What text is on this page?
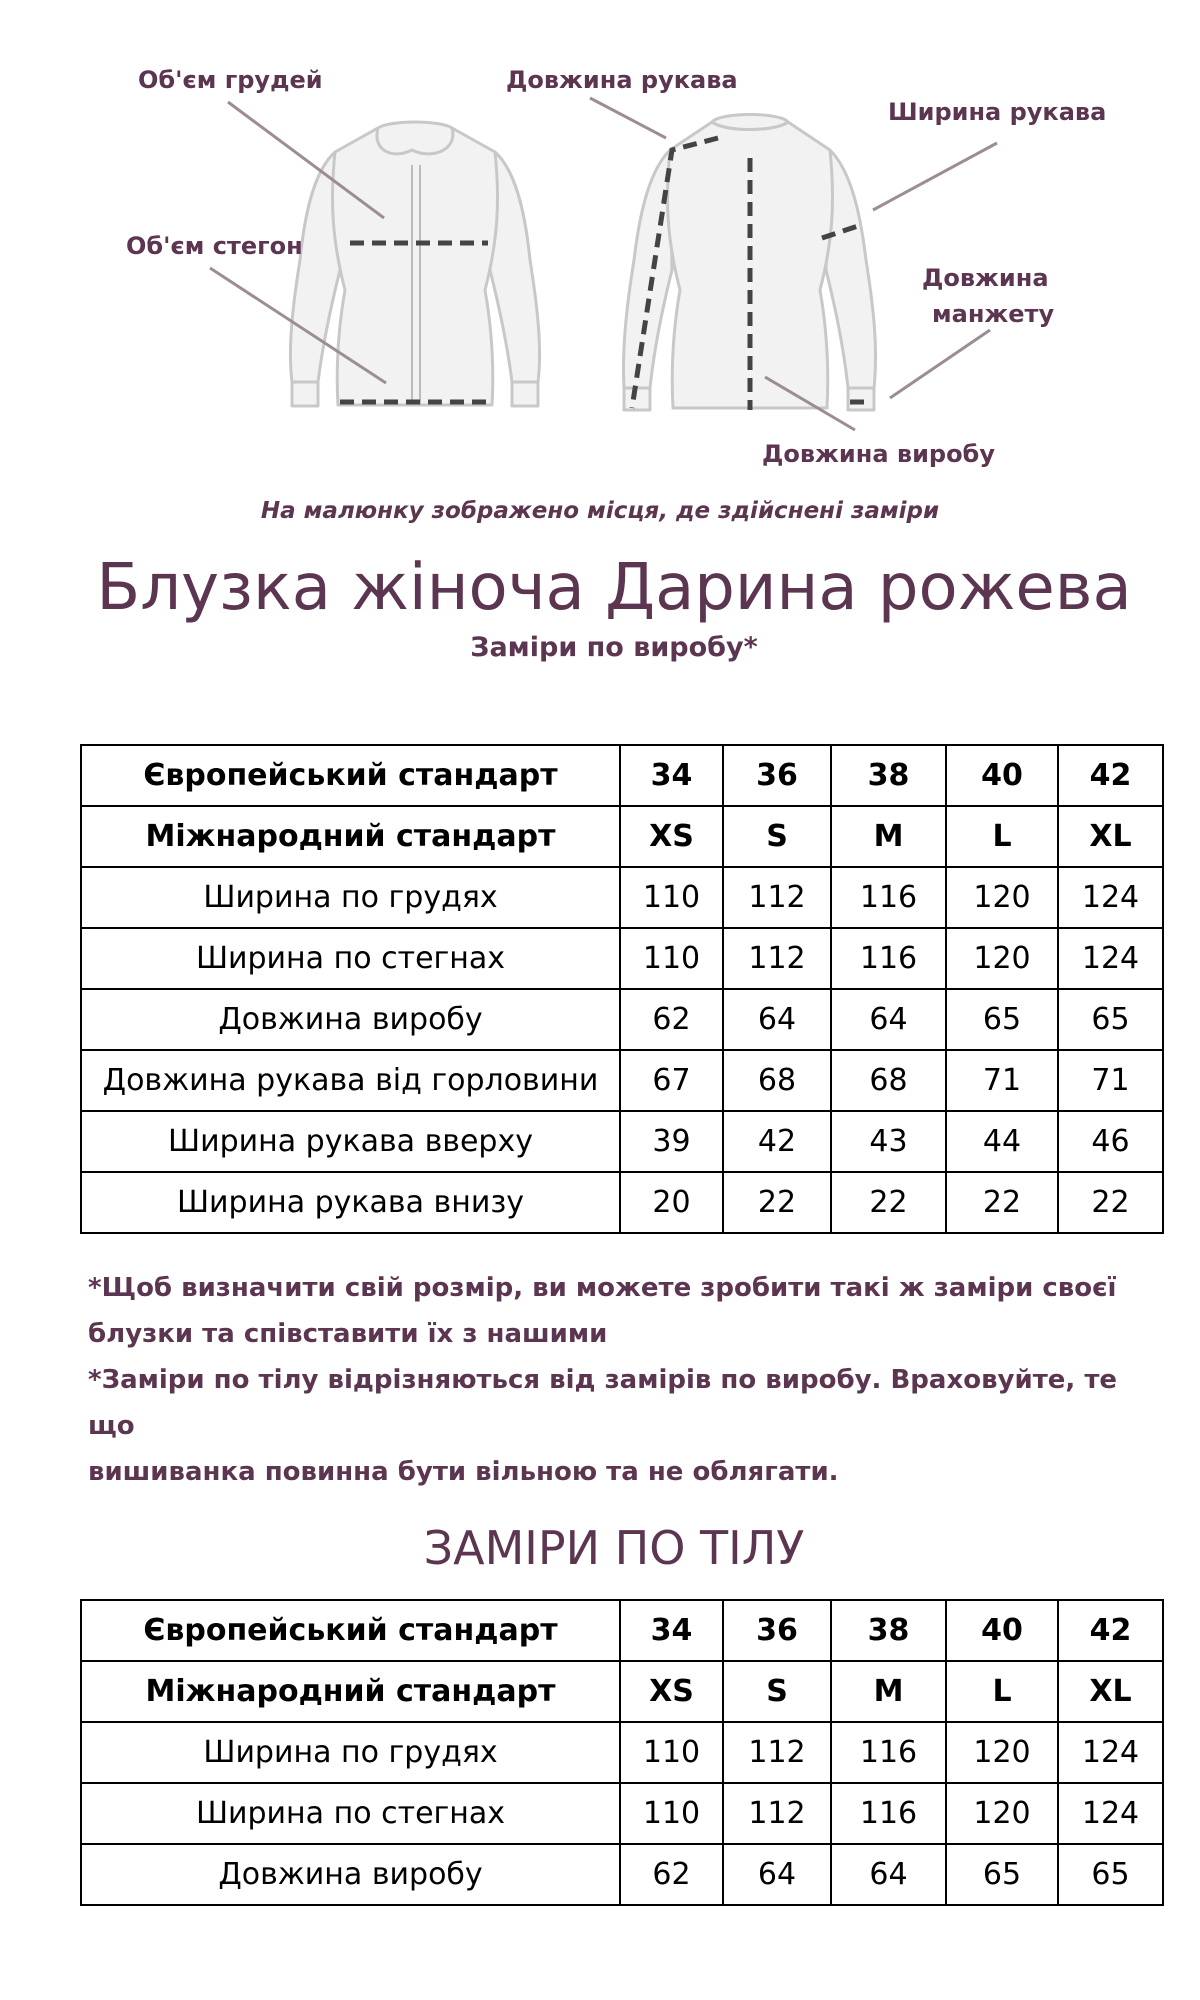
Об'єм грудей
Об'єм стегон
Довжина рукава
Ширина рукава
Довжина
манжету
Довжина виробу
На малюнку зображено місця, де здійснені заміри
Блузка жіноча Дарина рожева
Заміри по виробу*
Європейський стандарт	34	36	38	40	42
Міжнародний стандарт	XS	S	M	L	XL
Ширина по грудях	110	112	116	120	124
Ширина по стегнах	110	112	116	120	124
Довжина виробу	62	64	64	65	65
Довжина рукава від горловини	67	68	68	71	71
Ширина рукава вверху	39	42	43	44	46
Ширина рукава внизу	20	22	22	22	22

*Щоб визначити свій розмір, ви можете зробити такі ж заміри своєї

блузки та співставити їх з нашими

*Заміри по тілу відрізняються від замірів по виробу. Враховуйте, те що

вишиванка повинна бути вільною та не облягати.

ЗАМІРИ ПО ТІЛУ
Європейський стандарт	34	36	38	40	42
Міжнародний стандарт	XS	S	M	L	XL
Ширина по грудях	110	112	116	120	124
Ширина по стегнах	110	112	116	120	124
Довжина виробу	62	64	64	65	65
